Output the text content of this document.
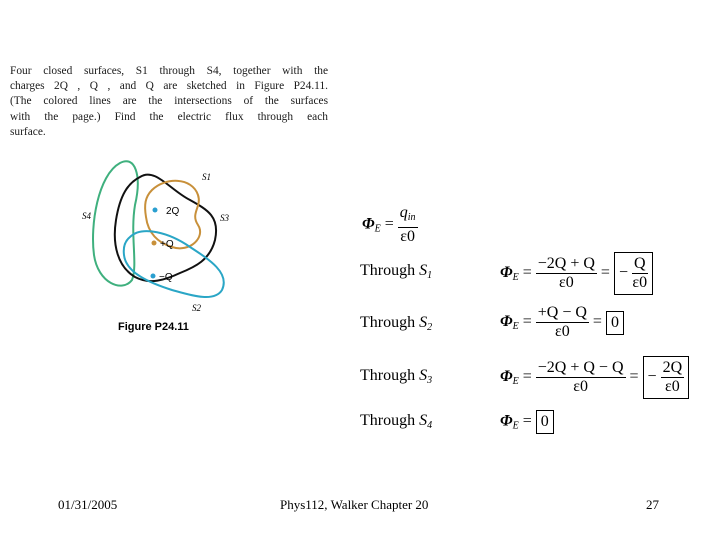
Four closed surfaces, S1 through S4, together with the
charges 2Q , Q , and Q are sketched in Figure P24.11.
(The colored lines are the intersections of the surfaces
with the page.) Find the electric flux through each
surface.
2Q
+Q
−Q
S1
S3
S4
S2
Figure P24.11
$\Phi_E = \frac{q_{in}}{\varepsilon 0}$
Through $S_1$	$\Phi_E = \frac{-2Q + Q}{\varepsilon 0}$ = − $\frac{Q}{\varepsilon 0}$
Through $S_2$	$\Phi_E = \frac{+Q - Q}{\varepsilon 0} = 0$
Through $S_3$	$\Phi_E = \frac{-2Q + Q - Q}{\varepsilon 0}$ = − $\frac{2Q}{\varepsilon 0}$
Through $S_4$	$\Phi_E = 0$
01/31/2005	Phys112, Walker Chapter 20	27
